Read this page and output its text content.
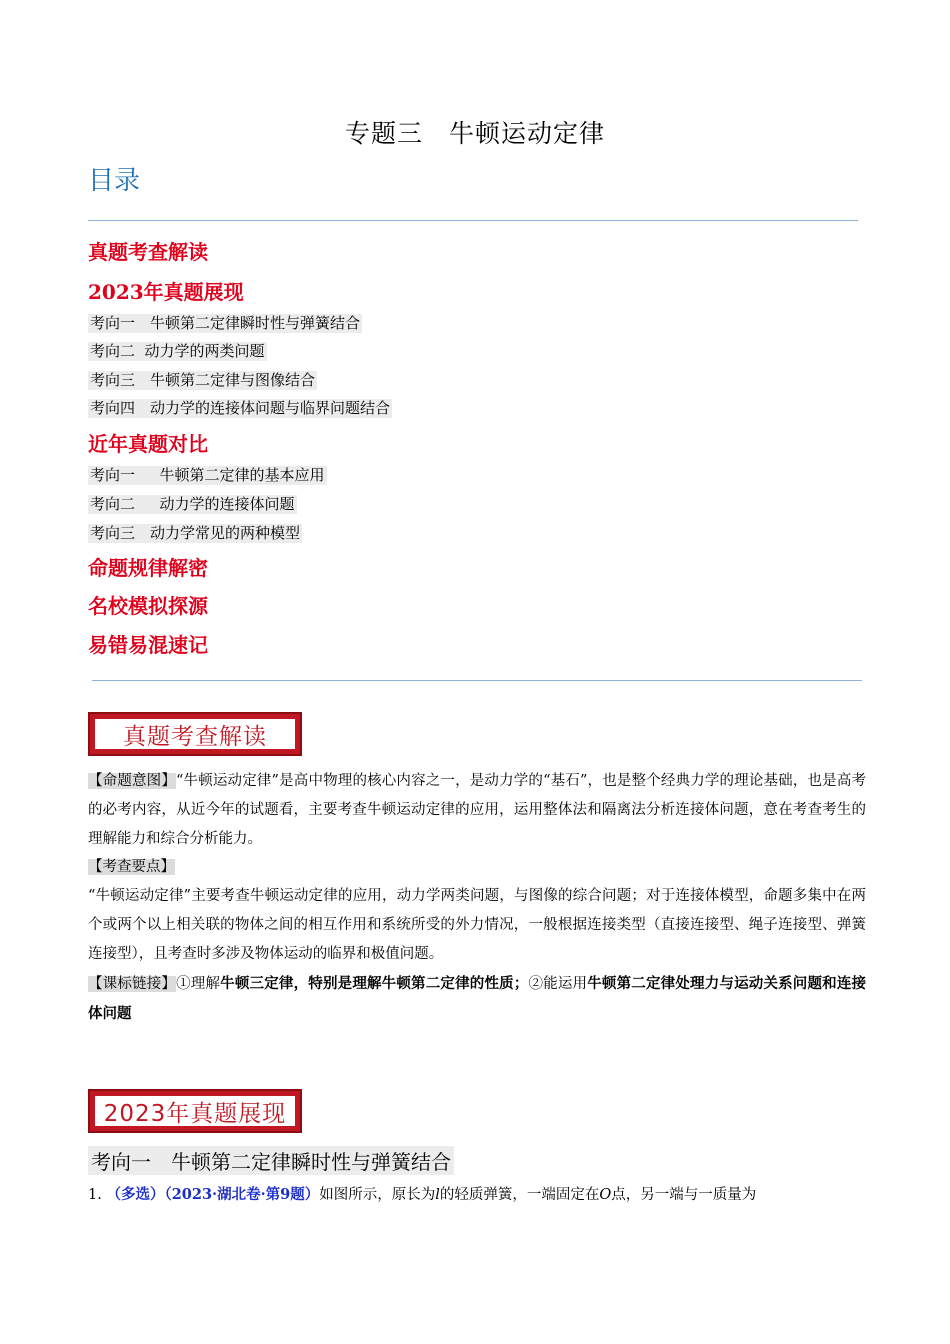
专题三　牛顿运动定律
目录
真题考查解读
2023年真题展现
考向一　牛顿第二定律瞬时性与弹簧结合
考向二  动力学的两类问题
考向三　牛顿第二定律与图像结合
考向四　动力学的连接体问题与临界问题结合
近年真题对比
考向一　  牛顿第二定律的基本应用
考向二　  动力学的连接体问题
考向三　动力学常见的两种模型
命题规律解密
名校模拟探源
易错易混速记
真题考查解读
【命题意图】“牛顿运动定律”是高中物理的核心内容之一，是动力学的“基石”，也是整个经典力学的理论基础，也是高考的必考内容，从近今年的试题看，主要考查牛顿运动定律的应用，运用整体法和隔离法分析连接体问题，意在考查考生的理解能力和综合分析能力。
【考查要点】
“牛顿运动定律”主要考查牛顿运动定律的应用，动力学两类问题，与图像的综合问题；对于连接体模型，命题多集中在两个或两个以上相关联的物体之间的相互作用和系统所受的外力情况，一般根据连接类型（直接连接型、绳子连接型、弹簧连接型），且考查时多涉及物体运动的临界和极值问题。
【课标链接】①理解牛顿三定律，特别是理解牛顿第二定律的性质；②能运用牛顿第二定律处理力与运动关系问题和连接体问题
2023年真题展现
考向一　牛顿第二定律瞬时性与弹簧结合
1. （多选）（2023·湖北卷·第9题）如图所示，原长为l的轻质弹簧，一端固定在O点，另一端与一质量为
